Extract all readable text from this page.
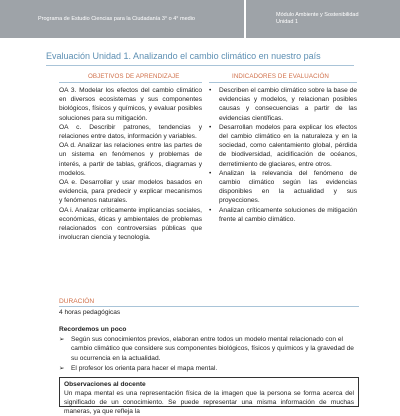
Programa de Estudio Ciencias para la Ciudadanía 3° o 4° medio
Módulo Ambiente y Sostenibilidad
Unidad 1
Evaluación Unidad 1. Analizando el cambio climático en nuestro país
OBJETIVOS DE APRENDIZAJE	INDICADORES DE EVALUACIÓN

OA 3. Modelar los efectos del cambio climático en diversos ecosistemas y sus componentes biológicos, físicos y químicos, y evaluar posibles soluciones para su mitigación.

OA c. Describir patrones, tendencias y relaciones entre datos, información y variables.

OA d. Analizar las relaciones entre las partes de un sistema en fenómenos y problemas de interés, a partir de tablas, gráficos, diagramas y modelos.

OA e. Desarrollar y usar modelos basados en evidencia, para predecir y explicar mecanismos y fenómenos naturales.

OA i. Analizar críticamente implicancias sociales, económicas, éticas y ambientales de problemas relacionados con controversias públicas que involucran ciencia y tecnología.

• Describen el cambio climático sobre la base de evidencias y modelos, y relacionan posibles causas y consecuencias a partir de las evidencias científicas.
• Desarrollan modelos para explicar los efectos del cambio climático en la naturaleza y en la sociedad, como calentamiento global, pérdida de biodiversidad, acidificación de océanos, derretimiento de glaciares, entre otros.
• Analizan la relevancia del fenómeno de cambio climático según las evidencias disponibles en la actualidad y sus proyecciones.
• Analizan críticamente soluciones de mitigación frente al cambio climático.
DURACIÓN
4 horas pedagógicas
Recordemos un poco
➢ Según sus conocimientos previos, elaboran entre todos un modelo mental relacionado con el cambio climático que considere sus componentes biológicos, físicos y químicos y la gravedad de su ocurrencia en la actualidad.
➢ El profesor los orienta para hacer el mapa mental.
Observaciones al docente
Un mapa mental es una representación física de la imagen que la persona se forma acerca del significado de un conocimiento. Se puede representar una misma información de muchas maneras, ya que refleja la
